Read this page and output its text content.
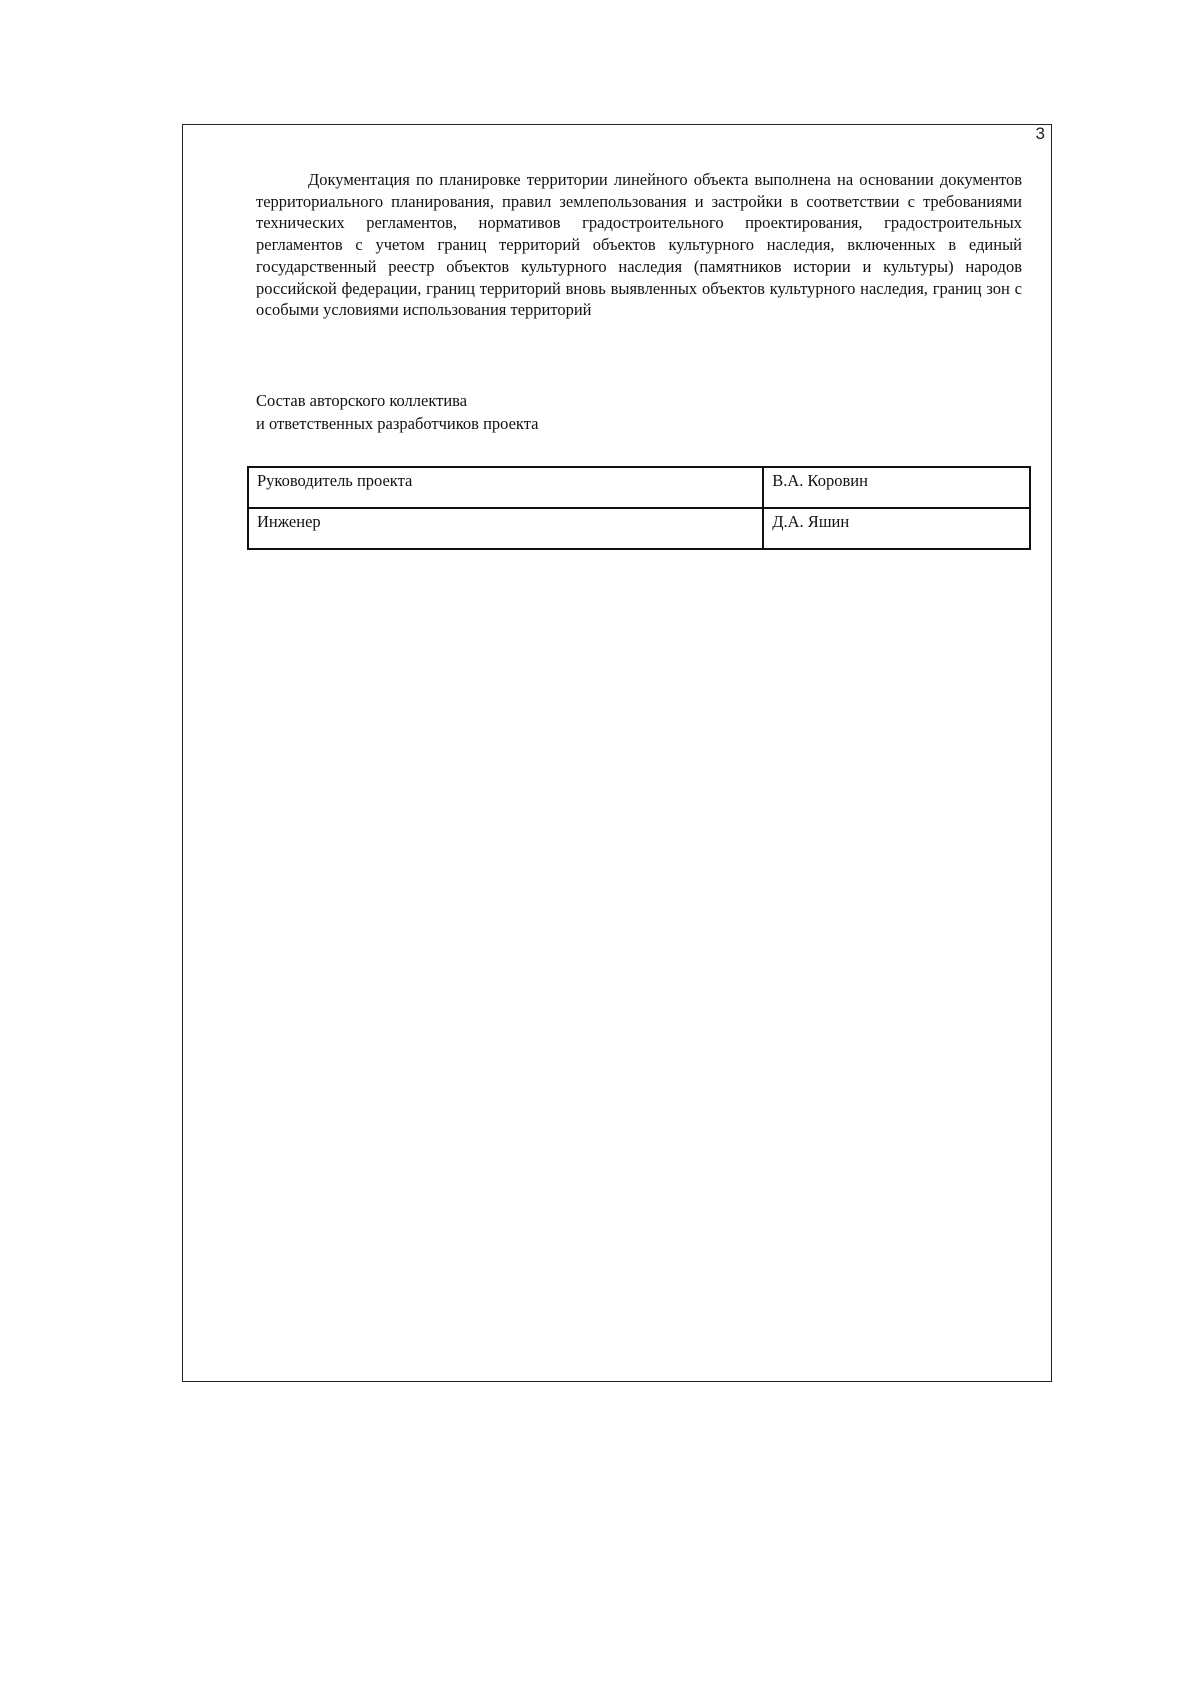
3

Документация по планировке территории линейного объекта выполнена на основании документов территориального планирования, правил землепользования и застройки в соответствии с требованиями технических регламентов, нормативов градостроительного проектирования, градостроительных регламентов с учетом границ территорий объектов культурного наследия, включенных в единый государственный реестр объектов культурного наследия (памятников истории и культуры) народов российской федерации, границ территорий вновь выявленных объектов культурного наследия, границ зон с особыми условиями использования территорий

Состав авторского коллектива
и ответственных разработчиков проекта
Руководитель проекта	В.А. Коровин
Инженер	Д.А. Яшин
